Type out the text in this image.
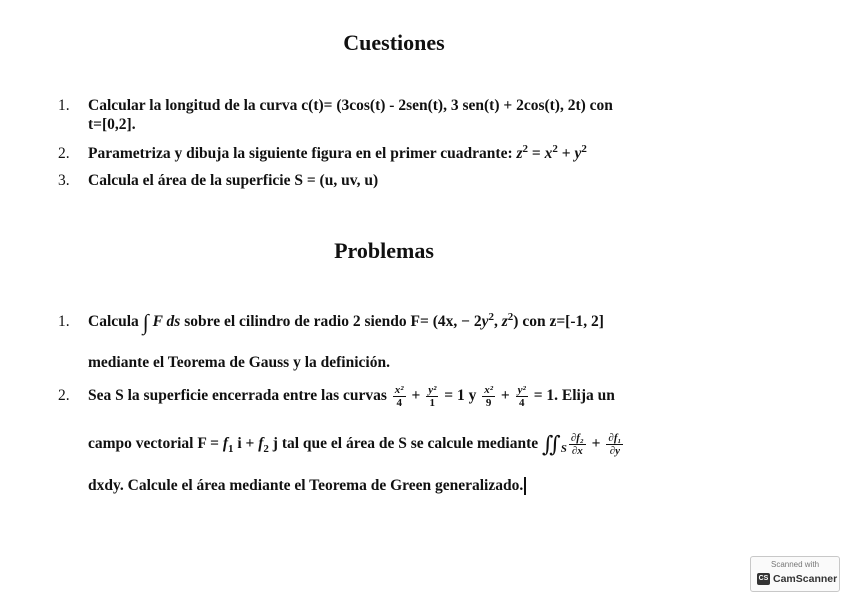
Cuestiones
1. Calcular la longitud de la curva c(t)= (3cos(t) - 2sen(t), 3 sen(t) + 2cos(t), 2t) con
t=[0,2].
2. Parametriza y dibuja la siguiente figura en el primer cuadrante: $z^2 = x^2 + y^2$
3. Calcula el área de la superficie S = (u, uv, u)
Problemas
1. Calcula ∫ F ds sobre el cilindro de radio 2 siendo F= (4x, − $2y^2$, $z^2$) con z=[-1, 2]
mediante el Teorema de Gauss y la definición.
2. Sea S la superficie encerrada entre las curvas $\frac{\text{x²}}{4} + \frac{\text{y²}}{1} = 1$ y $\frac{\text{x²}}{9} + \frac{\text{y²}}{4} = 1$. Elija un
campo vectorial $F = f_1$ $i + f_2$ j tal que el área de S se calcule mediante $∬_S \frac{\text{∂f₂}}{\partial x} + \frac{\text{∂f₁}}{\partial y}$
dxdy. Calcule el área mediante el Teorema de Green generalizado.
Scanned with
CS CamScanner
